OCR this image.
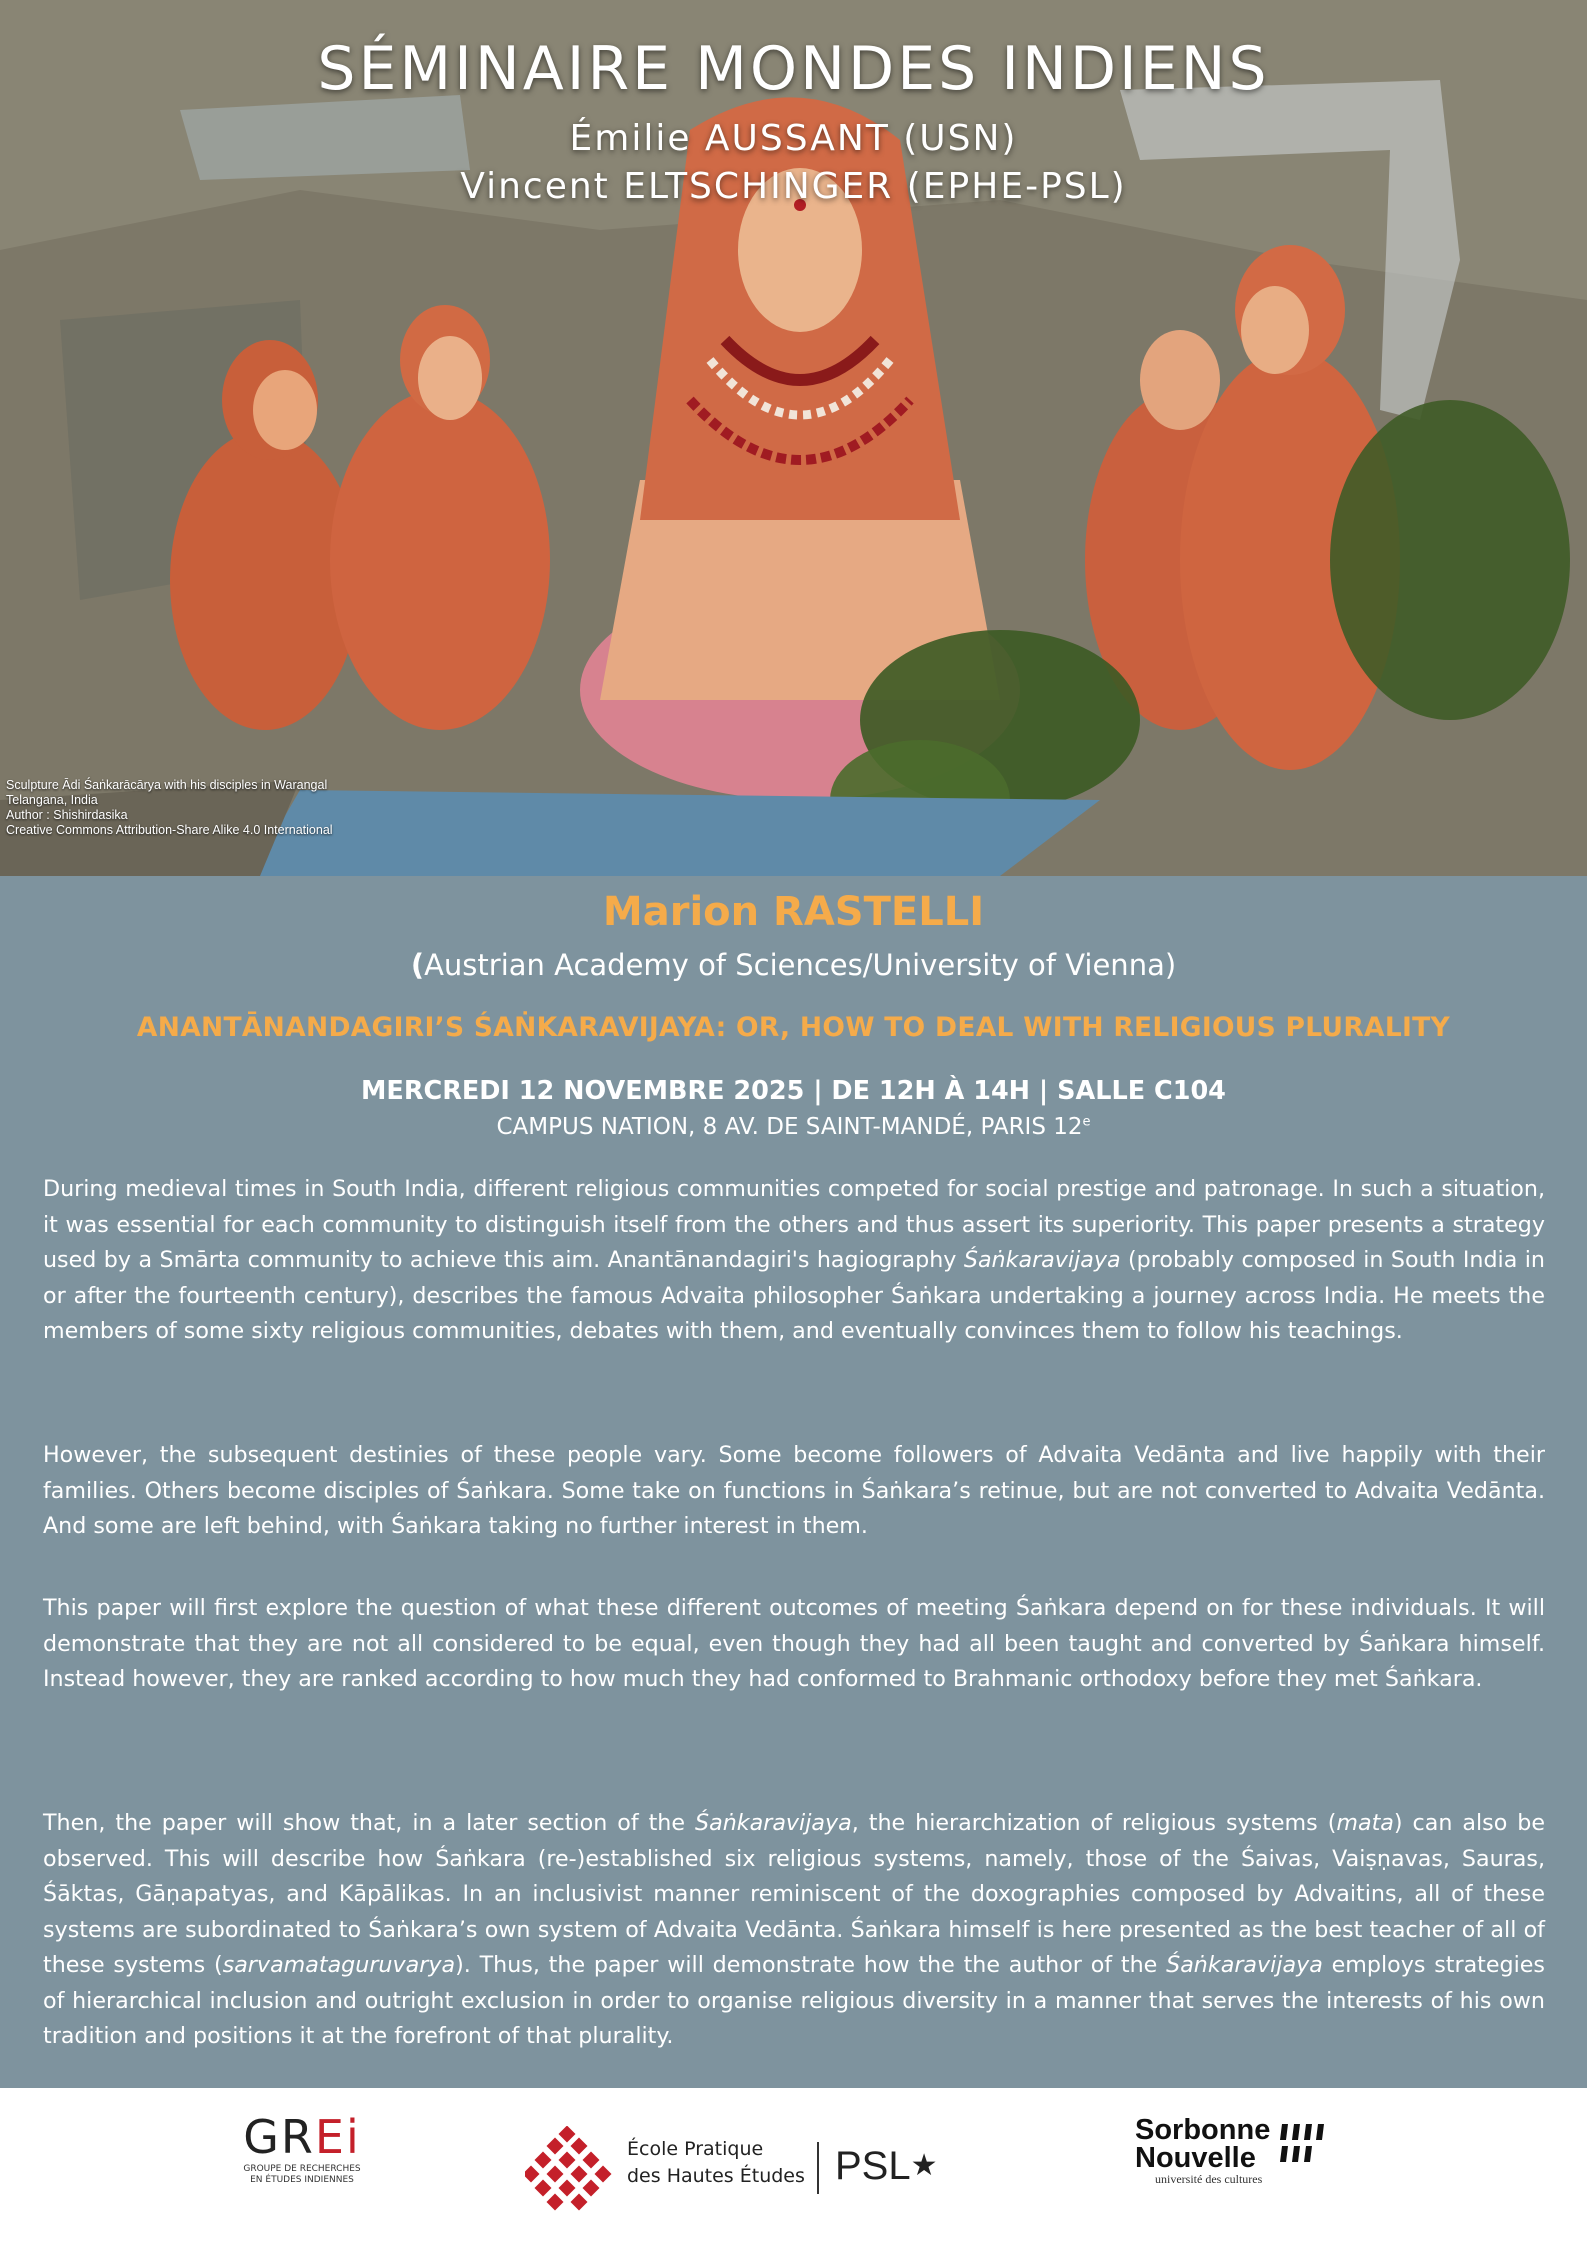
SÉMINAIRE MONDES INDIENS
Émilie AUSSANT (USN)
Vincent ELTSCHINGER (EPHE-PSL)
Sculpture Ādi Śaṅkarācārya with his disciples in Warangal
Telangana, India
Author : Shishirdasika
Creative Commons Attribution-Share Alike 4.0 International
Marion RASTELLI
(Austrian Academy of Sciences/University of Vienna)
ANANTĀNANDAGIRI’S ŚAṄKARAVIJAYA: OR, HOW TO DEAL WITH RELIGIOUS PLURALITY
MERCREDI 12 NOVEMBRE 2025 | DE 12H À 14H | SALLE C104
CAMPUS NATION, 8 AV. DE SAINT-MANDÉ, PARIS 12e

During medieval times in South India, different religious communities competed for social prestige and patronage. In such a situation, it was essential for each community to distinguish itself from the others and thus assert its superiority. This paper presents a strategy used by a Smārta community to achieve this aim. Anantānandagiri's hagiography Śaṅkaravijaya (probably composed in South India in or after the fourteenth century), describes the famous Advaita philosopher Śaṅkara undertaking a journey across India. He meets the members of some sixty religious communities, debates with them, and eventually convinces them to follow his teachings.

However, the subsequent destinies of these people vary. Some become followers of Advaita Vedānta and live happily with their families. Others become disciples of Śaṅkara. Some take on functions in Śaṅkara’s retinue, but are not converted to Advaita Vedānta. And some are left behind, with Śaṅkara taking no further interest in them.

This paper will first explore the question of what these different outcomes of meeting Śaṅkara depend on for these individuals. It will demonstrate that they are not all considered to be equal, even though they had all been taught and converted by Śaṅkara himself. Instead however, they are ranked according to how much they had conformed to Brahmanic orthodoxy before they met Śaṅkara.

Then, the paper will show that, in a later section of the Śaṅkaravijaya, the hierarchization of religious systems (mata) can also be observed. This will describe how Śaṅkara (re-)established six religious systems, namely, those of the Śaivas, Vaiṣṇavas, Sauras, Śāktas, Gāṇapatyas, and Kāpālikas. In an inclusivist manner reminiscent of the doxographies composed by Advaitins, all of these systems are subordinated to Śaṅkara’s own system of Advaita Vedānta. Śaṅkara himself is here presented as the best teacher of all of these systems (sarvamataguruvarya). Thus, the paper will demonstrate how the the author of the Śaṅkaravijaya employs strategies of hierarchical inclusion and outright exclusion in order to organise religious diversity in a manner that serves the interests of his own tradition and positions it at the forefront of that plurality.

GREi
GROUPE DE RECHERCHES
EN ÉTUDES INDIENNES
École Pratique
des Hautes Études PSL★
Sorbonne
Nouvelle
université des cultures
